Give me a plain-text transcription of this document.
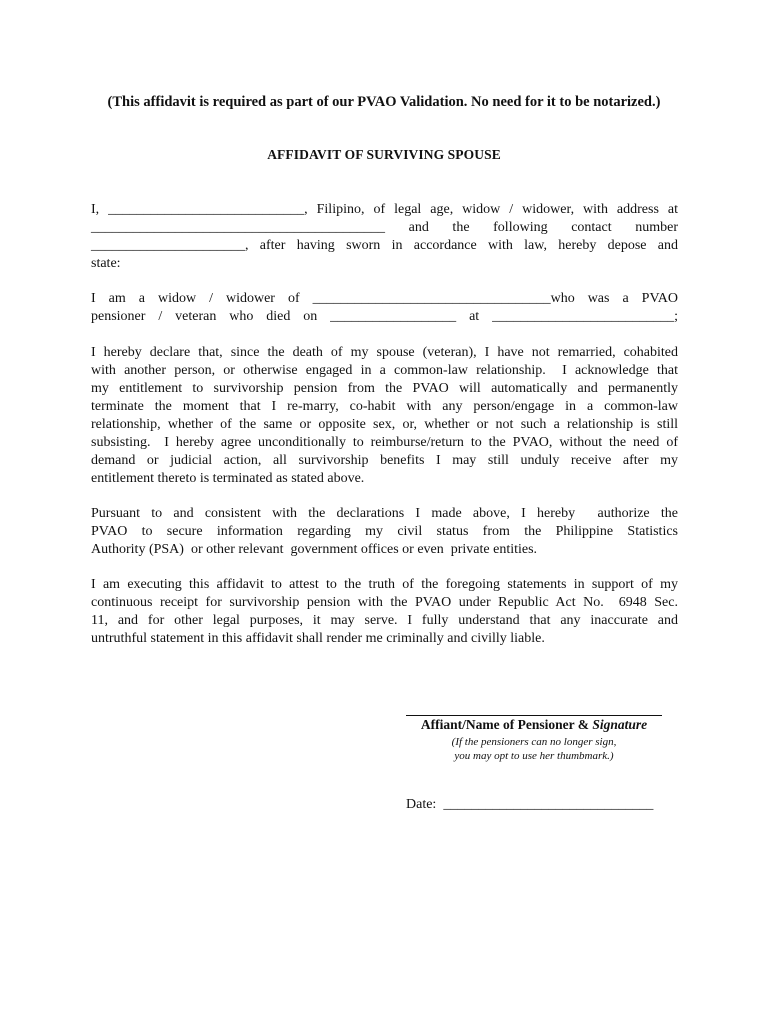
(This affidavit is required as part of our PVAO Validation. No need for it to be notarized.)
AFFIDAVIT OF SURVIVING SPOUSE
I, ____________________________, Filipino, of legal age, widow / widower, with address at
__________________________________________ and the following contact number
______________________, after having sworn in accordance with law, hereby depose and
state:
I am a widow / widower of __________________________________who was a PVAO
pensioner / veteran who died on __________________ at __________________________;
I hereby declare that, since the death of my spouse (veteran), I have not remarried, cohabited
with another person, or otherwise engaged in a common-law relationship.  I acknowledge that
my entitlement to survivorship pension from the PVAO will automatically and permanently
terminate the moment that I re-marry, co-habit with any person/engage in a common-law
relationship, whether of the same or opposite sex, or, whether or not such a relationship is still
subsisting.  I hereby agree unconditionally to reimburse/return to the PVAO, without the need of
demand or judicial action, all survivorship benefits I may still unduly receive after my
entitlement thereto is terminated as stated above.
Pursuant to and consistent with the declarations I made above, I hereby  authorize the
PVAO to secure information regarding my civil status from the Philippine Statistics
Authority (PSA)  or other relevant  government offices or even  private entities.
I am executing this affidavit to attest to the truth of the foregoing statements in support of my
continuous receipt for survivorship pension with the PVAO under Republic Act No.  6948 Sec.
11, and for other legal purposes, it may serve. I fully understand that any inaccurate and
untruthful statement in this affidavit shall render me criminally and civilly liable.
Affiant/Name of Pensioner & Signature
(If the pensioners can no longer sign,
you may opt to use her thumbmark.)
Date:  ______________________________
